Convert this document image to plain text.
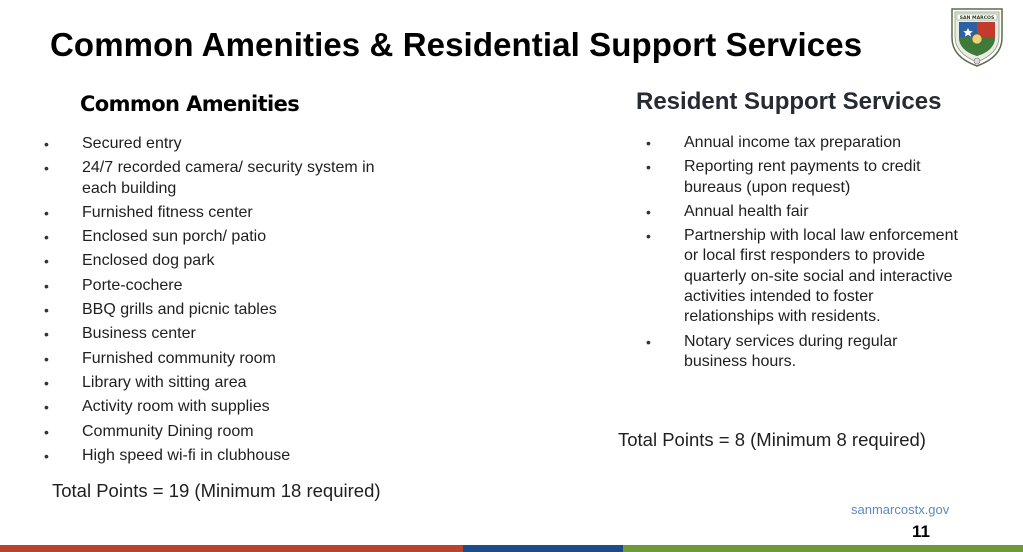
Common Amenities & Residential Support Services
SAN MARCOS
Common Amenities	Resident Support Services
• Secured entry
• 24/7 recorded camera/ security system in each building
• Furnished fitness center
• Enclosed sun porch/ patio
• Enclosed dog park
• Porte-cochere
• BBQ grills and picnic tables
• Business center
• Furnished community room
• Library with sitting area
• Activity room with supplies
• Community Dining room
• High speed wi-fi in clubhouse
• Annual income tax preparation
• Reporting rent payments to credit bureaus (upon request)
• Annual health fair
• Partnership with local law enforcement or local first responders to provide quarterly on-site social and interactive activities intended to foster relationships with residents.
• Notary services during regular business hours.
Total Points = 19 (Minimum 18 required)
Total Points = 8 (Minimum 8 required)
sanmarcostx.gov
11
